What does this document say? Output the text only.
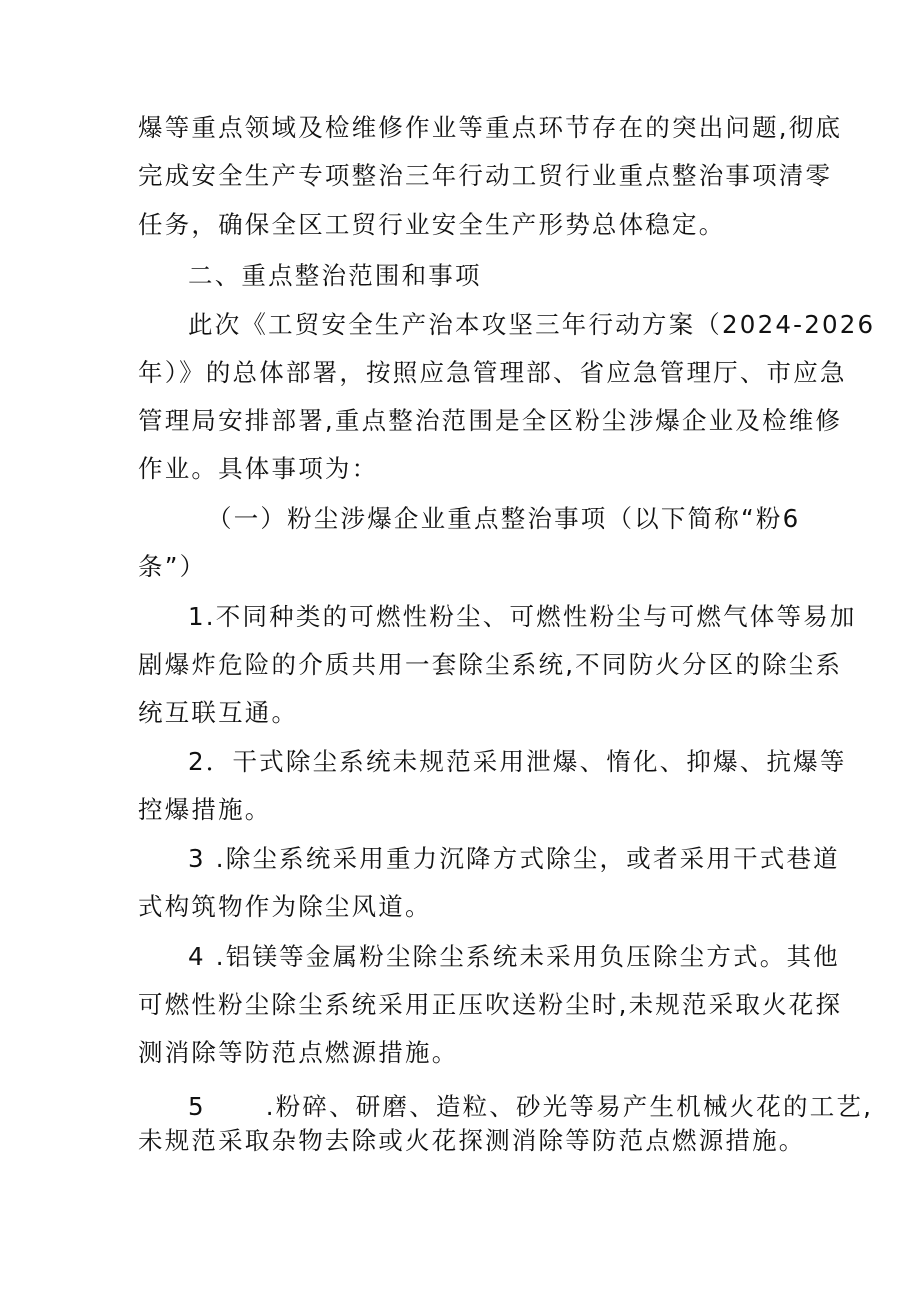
爆等重点领域及检维修作业等重点环节存在的突出问题,彻底
完成安全生产专项整治三年行动工贸行业重点整治事项清零
任务，确保全区工贸行业安全生产形势总体稳定。
二、重点整治范围和事项
此次《工贸安全生产治本攻坚三年行动方案（2024-2026
年）》的总体部署，按照应急管理部、省应急管理厅、市应急
管理局安排部署,重点整治范围是全区粉尘涉爆企业及检维修
作业。具体事项为：
（一）粉尘涉爆企业重点整治事项（以下简称“粉6
条”）
1.不同种类的可燃性粉尘、可燃性粉尘与可燃气体等易加
剧爆炸危险的介质共用一套除尘系统,不同防火分区的除尘系
统互联互通。
2．干式除尘系统未规范采用泄爆、惰化、抑爆、抗爆等
控爆措施。
3 .除尘系统采用重力沉降方式除尘，或者采用干式巷道
式构筑物作为除尘风道。
4 .铝镁等金属粉尘除尘系统未采用负压除尘方式。其他
可燃性粉尘除尘系统采用正压吹送粉尘时,未规范采取火花探
测消除等防范点燃源措施。
5      .粉碎、研磨、造粒、砂光等易产生机械火花的工艺,
未规范采取杂物去除或火花探测消除等防范点燃源措施。
